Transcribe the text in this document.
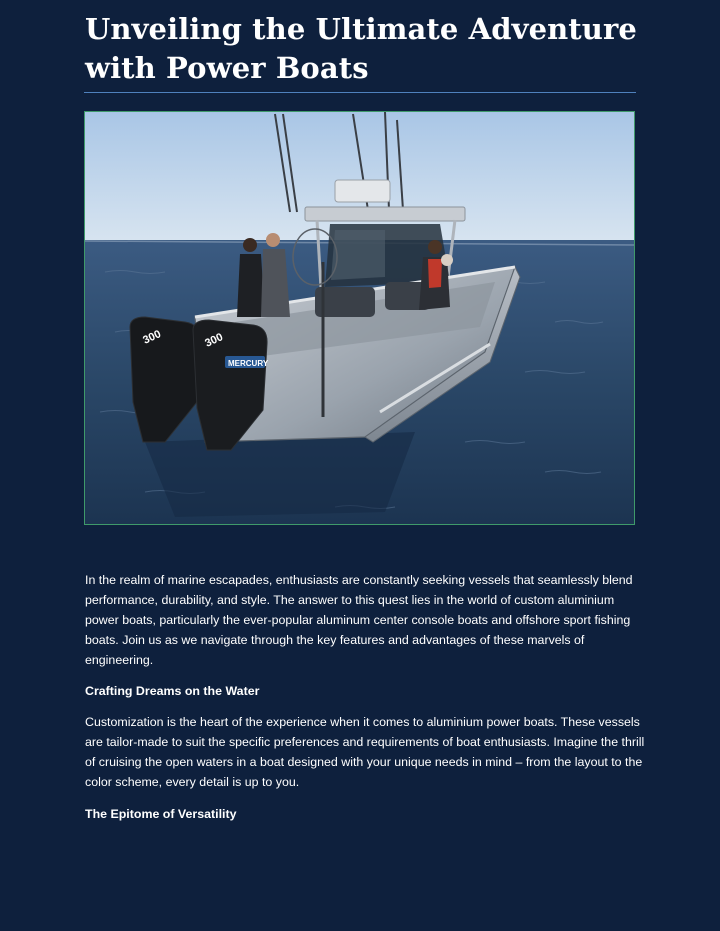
Unveiling the Ultimate Adventure with Power Boats
MERCURY
300	300

In the realm of marine escapades, enthusiasts are constantly seeking vessels that seamlessly blend performance, durability, and style. The answer to this quest lies in the world of custom aluminium power boats, particularly the ever-popular aluminum center console boats and offshore sport fishing boats. Join us as we navigate through the key features and advantages of these marvels of engineering.

Crafting Dreams on the Water

Customization is the heart of the experience when it comes to aluminium power boats. These vessels are tailor-made to suit the specific preferences and requirements of boat enthusiasts. Imagine the thrill of cruising the open waters in a boat designed with your unique needs in mind – from the layout to the color scheme, every detail is up to you.

The Epitome of Versatility
